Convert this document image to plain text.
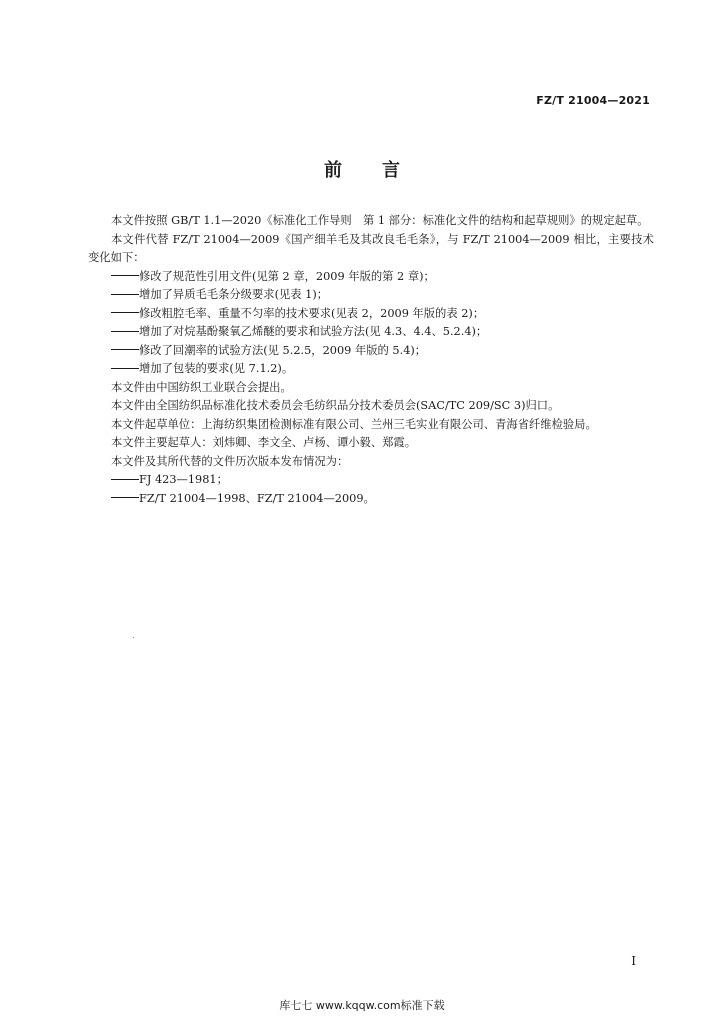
FZ/T 21004—2021
前 言

本文件按照 GB/T 1.1—2020《标准化工作导则　第 1 部分：标准化文件的结构和起草规则》的规定起草。

本文件代替 FZ/T 21004—2009《国产细羊毛及其改良毛毛条》，与 FZ/T 21004—2009 相比，主要技术变化如下：

修改了规范性引用文件(见第 2 章，2009 年版的第 2 章)；

增加了异质毛毛条分级要求(见表 1)；

修改粗腔毛率、重量不匀率的技术要求(见表 2，2009 年版的表 2)；

增加了对烷基酚聚氧乙烯醚的要求和试验方法(见 4.3、4.4、5.2.4)；

修改了回潮率的试验方法(见 5.2.5，2009 年版的 5.4)；

增加了包装的要求(见 7.1.2)。

本文件由中国纺织工业联合会提出。

本文件由全国纺织品标准化技术委员会毛纺织品分技术委员会(SAC/TC 209/SC 3)归口。

本文件起草单位：上海纺织集团检测标准有限公司、兰州三毛实业有限公司、青海省纤维检验局。

本文件主要起草人：刘炜卿、李文全、卢杨、谭小毅、郑霞。

本文件及其所代替的文件历次版本发布情况为：

FJ 423—1981；

FZ/T 21004—1998、FZ/T 21004—2009。

I
库七七 www.kqqw.com标准下载
